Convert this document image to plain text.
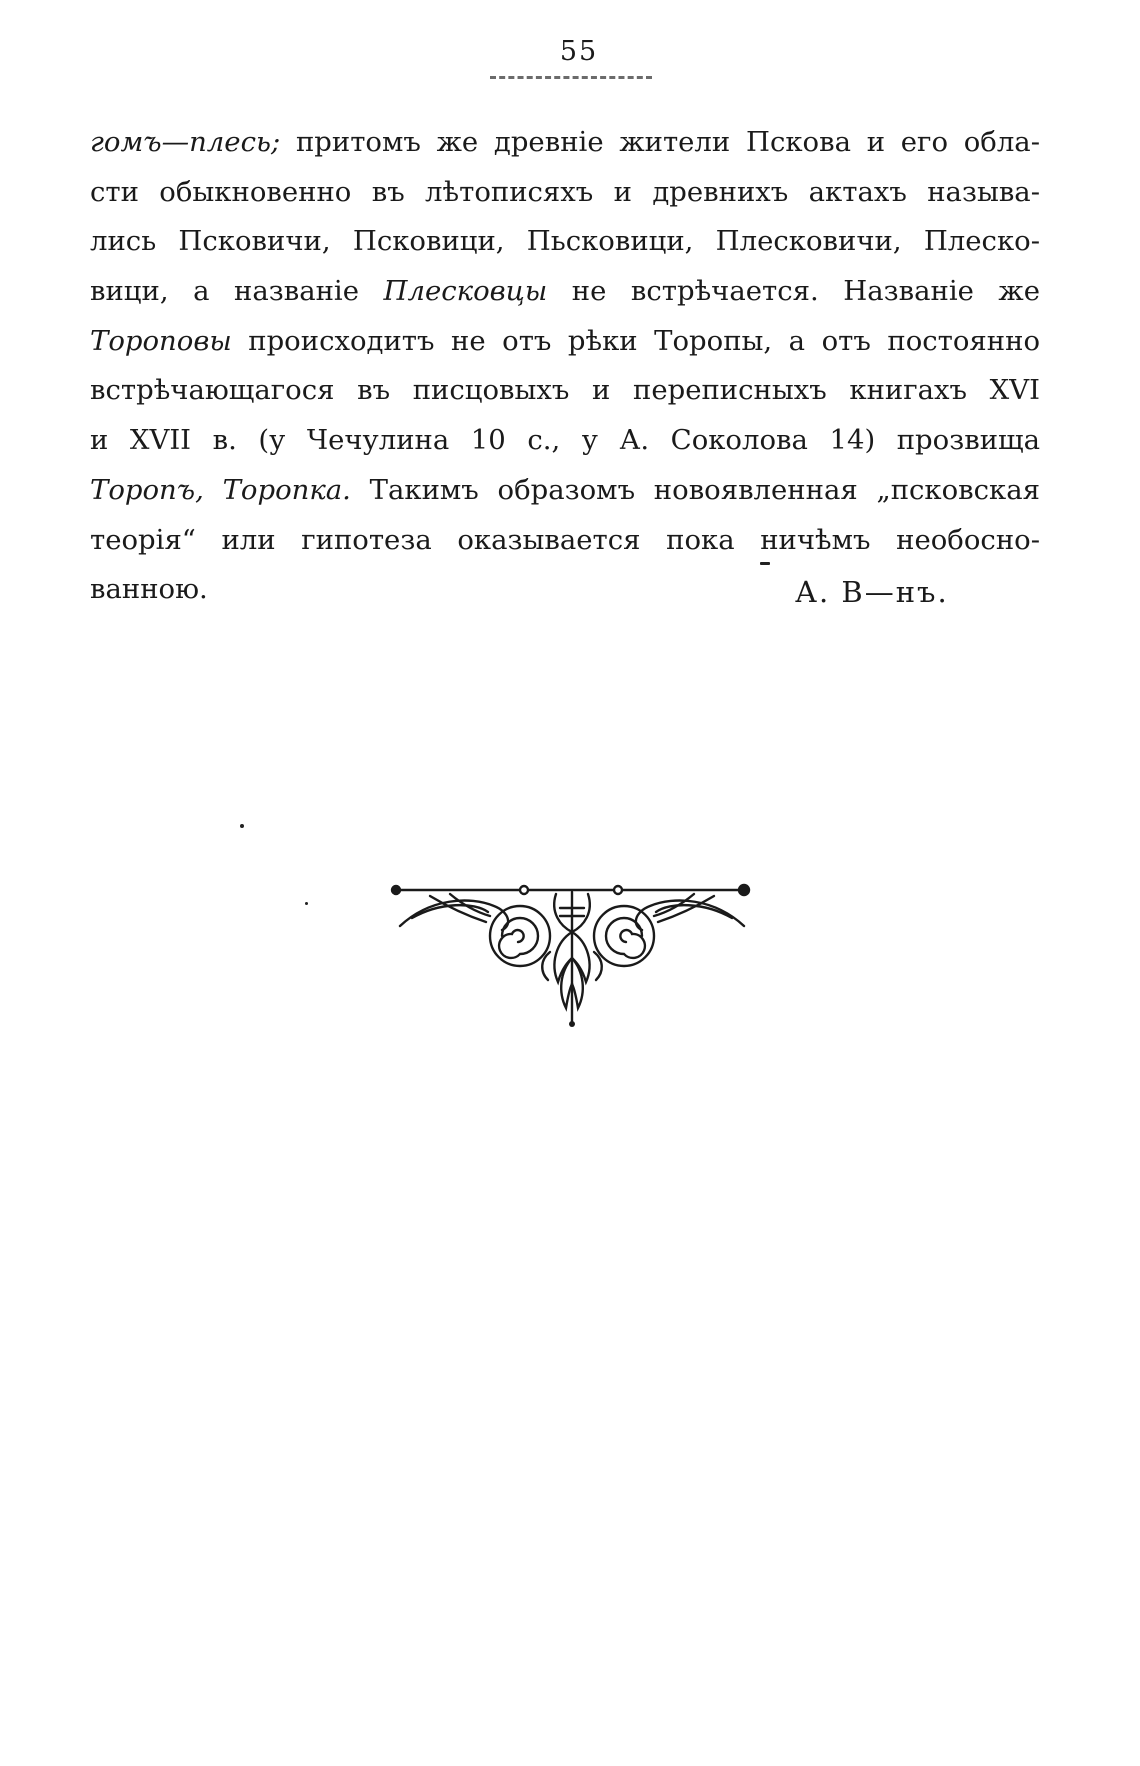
55
гомъ—плесь; притомъ же древніе жители Пскова и его обла-
сти обыкновенно въ лѣтописяхъ и древнихъ актахъ называ-
лись Псковичи, Псковици, Пьсковици, Плесковичи, Плеско-
вици, а названіе Плесковцы не встрѣчается. Названіе же
Тороповы происходитъ не отъ рѣки Торопы, а отъ постоянно
встрѣчающагося въ писцовыхъ и переписныхъ книгахъ XVI
и XVII в. (у Чечулина 10 с., у А. Соколова 14) прозвища
Торопъ, Торопка. Такимъ образомъ новоявленная „псковская
теорія“ или гипотеза оказывается пока ничѣмъ необосно-
ванною.	А. В—нъ.
